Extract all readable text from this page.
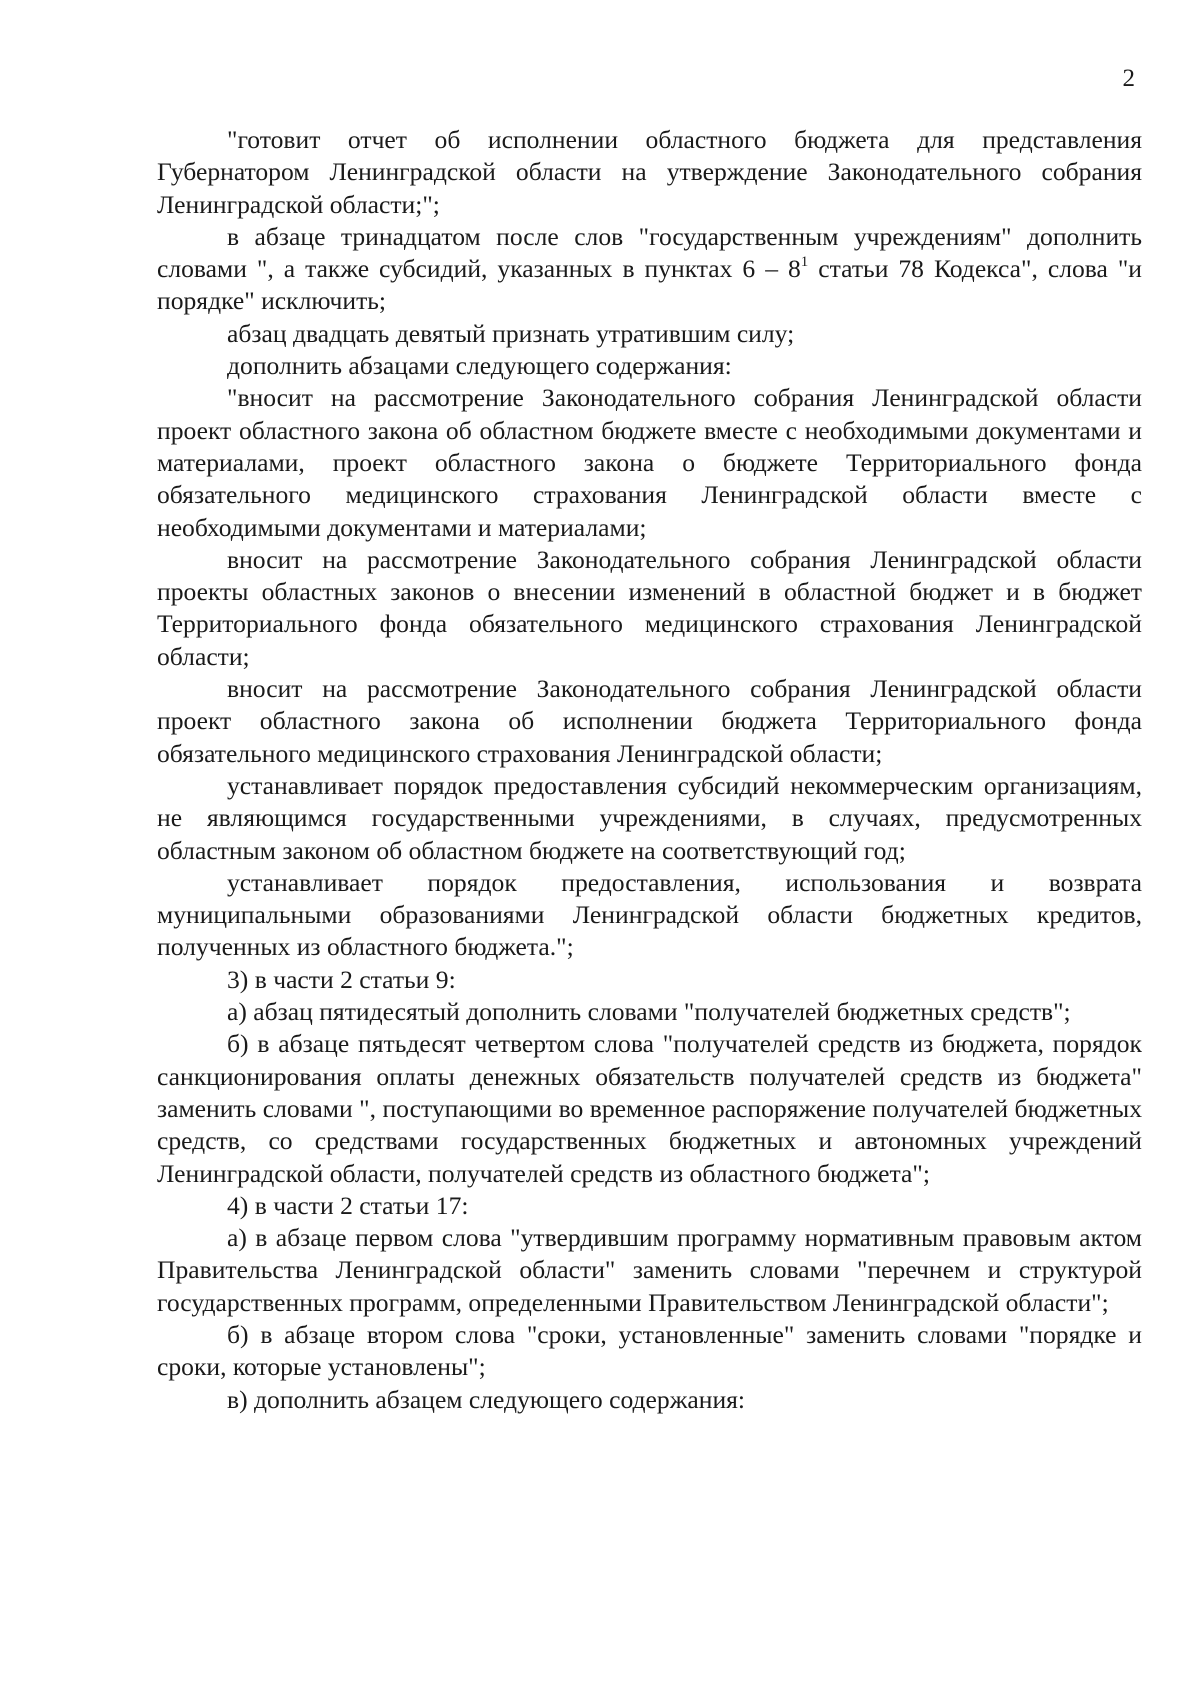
2

"готовит отчет об исполнении областного бюджета для представления Губернатором Ленинградской области на утверждение Законодательного собрания Ленинградской области;";

в абзаце тринадцатом после слов "государственным учреждениям" дополнить словами ", а также субсидий, указанных в пунктах $6 - 8^1$ статьи 78 Кодекса", слова "и порядке" исключить;

абзац двадцать девятый признать утратившим силу;

дополнить абзацами следующего содержания:

"вносит на рассмотрение Законодательного собрания Ленинградской области проект областного закона об областном бюджете вместе с необходимыми документами и материалами, проект областного закона о бюджете Территориального фонда обязательного медицинского страхования Ленинградской области вместе с необходимыми документами и материалами;

вносит на рассмотрение Законодательного собрания Ленинградской области проекты областных законов о внесении изменений в областной бюджет и в бюджет Территориального фонда обязательного медицинского страхования Ленинградской области;

вносит на рассмотрение Законодательного собрания Ленинградской области проект областного закона об исполнении бюджета Территориального фонда обязательного медицинского страхования Ленинградской области;

устанавливает порядок предоставления субсидий некоммерческим организациям, не являющимся государственными учреждениями, в случаях, предусмотренных областным законом об областном бюджете на соответствующий год;

устанавливает порядок предоставления, использования и возврата муниципальными образованиями Ленинградской области бюджетных кредитов, полученных из областного бюджета.";

3) в части 2 статьи 9:

а) абзац пятидесятый дополнить словами "получателей бюджетных средств";

б) в абзаце пятьдесят четвертом слова "получателей средств из бюджета, порядок санкционирования оплаты денежных обязательств получателей средств из бюджета" заменить словами ", поступающими во временное распоряжение получателей бюджетных средств, со средствами государственных бюджетных и автономных учреждений Ленинградской области, получателей средств из областного бюджета";

4) в части 2 статьи 17:

а) в абзаце первом слова "утвердившим программу нормативным правовым актом Правительства Ленинградской области" заменить словами "перечнем и структурой государственных программ, определенными Правительством Ленинградской области";

б) в абзаце втором слова "сроки, установленные" заменить словами "порядке и сроки, которые установлены";

в) дополнить абзацем следующего содержания:
